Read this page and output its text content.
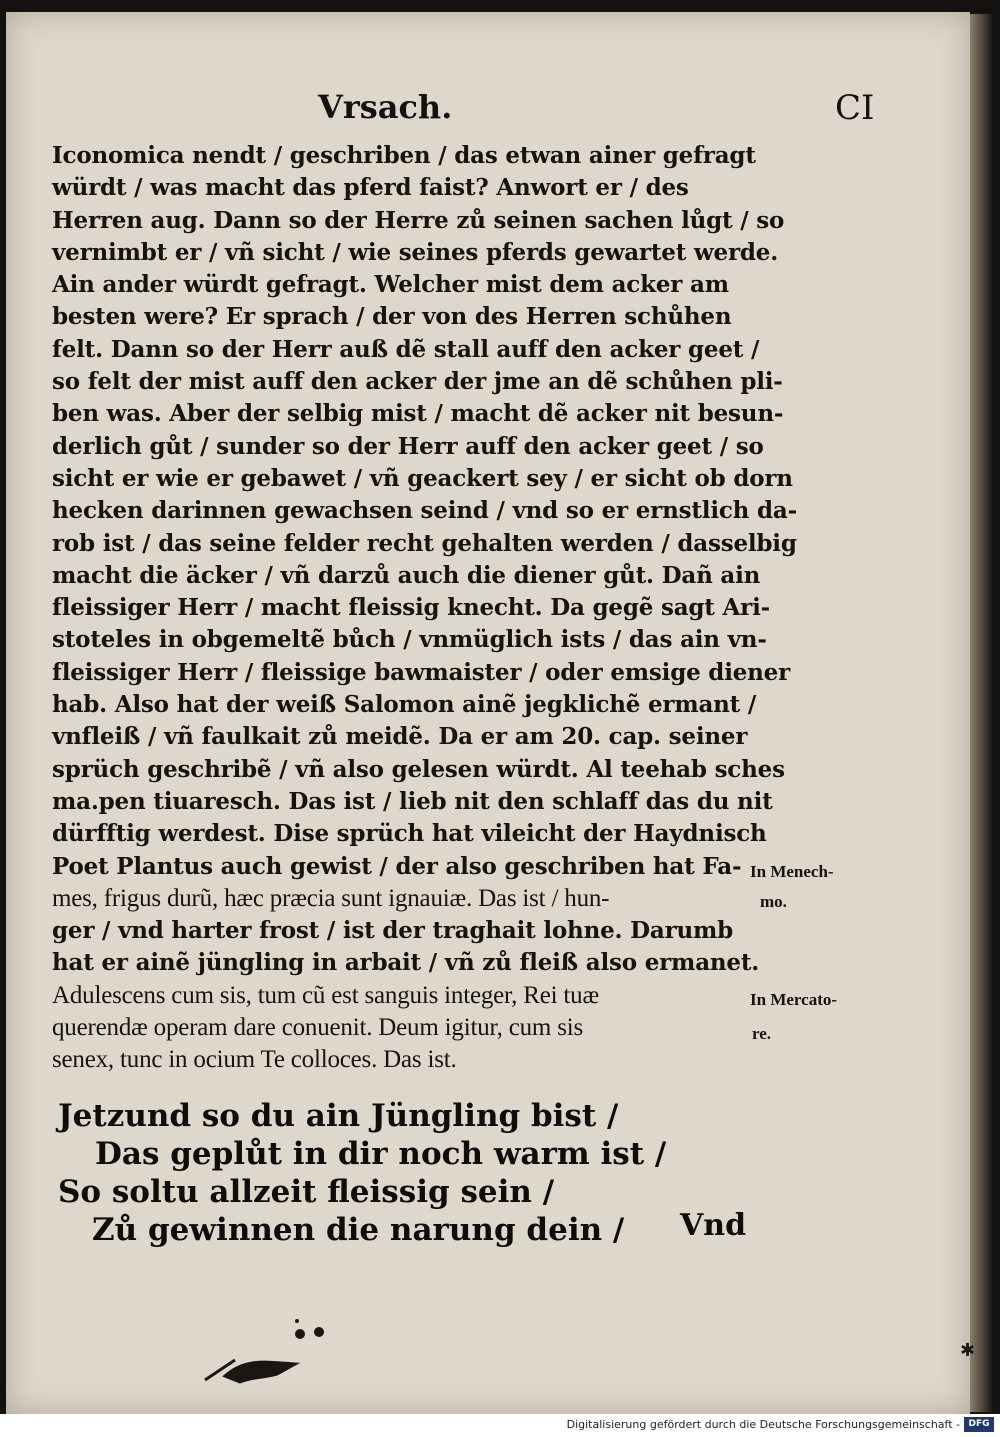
Vrsach.	CI
Iconomica nendt / geschriben / das etwan ainer gefragt
würdt / was macht das pferd faist? Anwort er / des
Herren aug. Dann so der Herre zů seinen sachen lůgt / so
vernimbt er / vñ sicht / wie seines pferds gewartet werde.
Ain ander würdt gefragt. Welcher mist dem acker am
besten were? Er sprach / der von des Herren schůhen
felt. Dann so der Herr auß dẽ stall auff den acker geet /
so felt der mist auff den acker der jme an dẽ schůhen pli-
ben was. Aber der selbig mist / macht dẽ acker nit besun-
derlich gůt / sunder so der Herr auff den acker geet / so
sicht er wie er gebawet / vñ geackert sey / er sicht ob dorn
hecken darinnen gewachsen seind / vnd so er ernstlich da-
rob ist / das seine felder recht gehalten werden / dasselbig
macht die äcker / vñ darzů auch die diener gůt. Dañ ain
fleissiger Herr / macht fleissig knecht. Da gegẽ sagt Ari-
stoteles in obgemeltẽ bůch / vnmüglich ists / das ain vn-
fleissiger Herr / fleissige bawmaister / oder emsige diener
hab. Also hat der weiß Salomon ainẽ jegklichẽ ermant /
vnfleiß / vñ faulkait zů meidẽ. Da er am 20. cap. seiner
sprüch geschribẽ / vñ also gelesen würdt. Al teehab sches
ma.pen tiuaresch. Das ist / lieb nit den schlaff das du nit
dürfftig werdest. Dise sprüch hat vileicht der Haydnisch
Poet Plantus auch gewist / der also geschriben hat Fa-
mes, frigus durũ, hæc præcia sunt ignauiæ. Das ist / hun-
ger / vnd harter frost / ist der traghait lohne. Darumb
hat er ainẽ jüngling in arbait / vñ zů fleiß also ermanet.
Adulescens cum sis, tum cũ est sanguis integer, Rei tuæ
querendæ operam dare conuenit. Deum igitur, cum sis
senex, tunc in ocium Te colloces. Das ist.
In Menech-
mo.
In Mercato-
re.
Jetzund so du ain Jüngling bist /
Das geplůt in dir noch warm ist /
So soltu allzeit fleissig sein /
Zů gewinnen die narung dein / Vnd
✱
Digitalisierung gefördert durch die Deutsche Forschungsgemeinschaft - DFG
